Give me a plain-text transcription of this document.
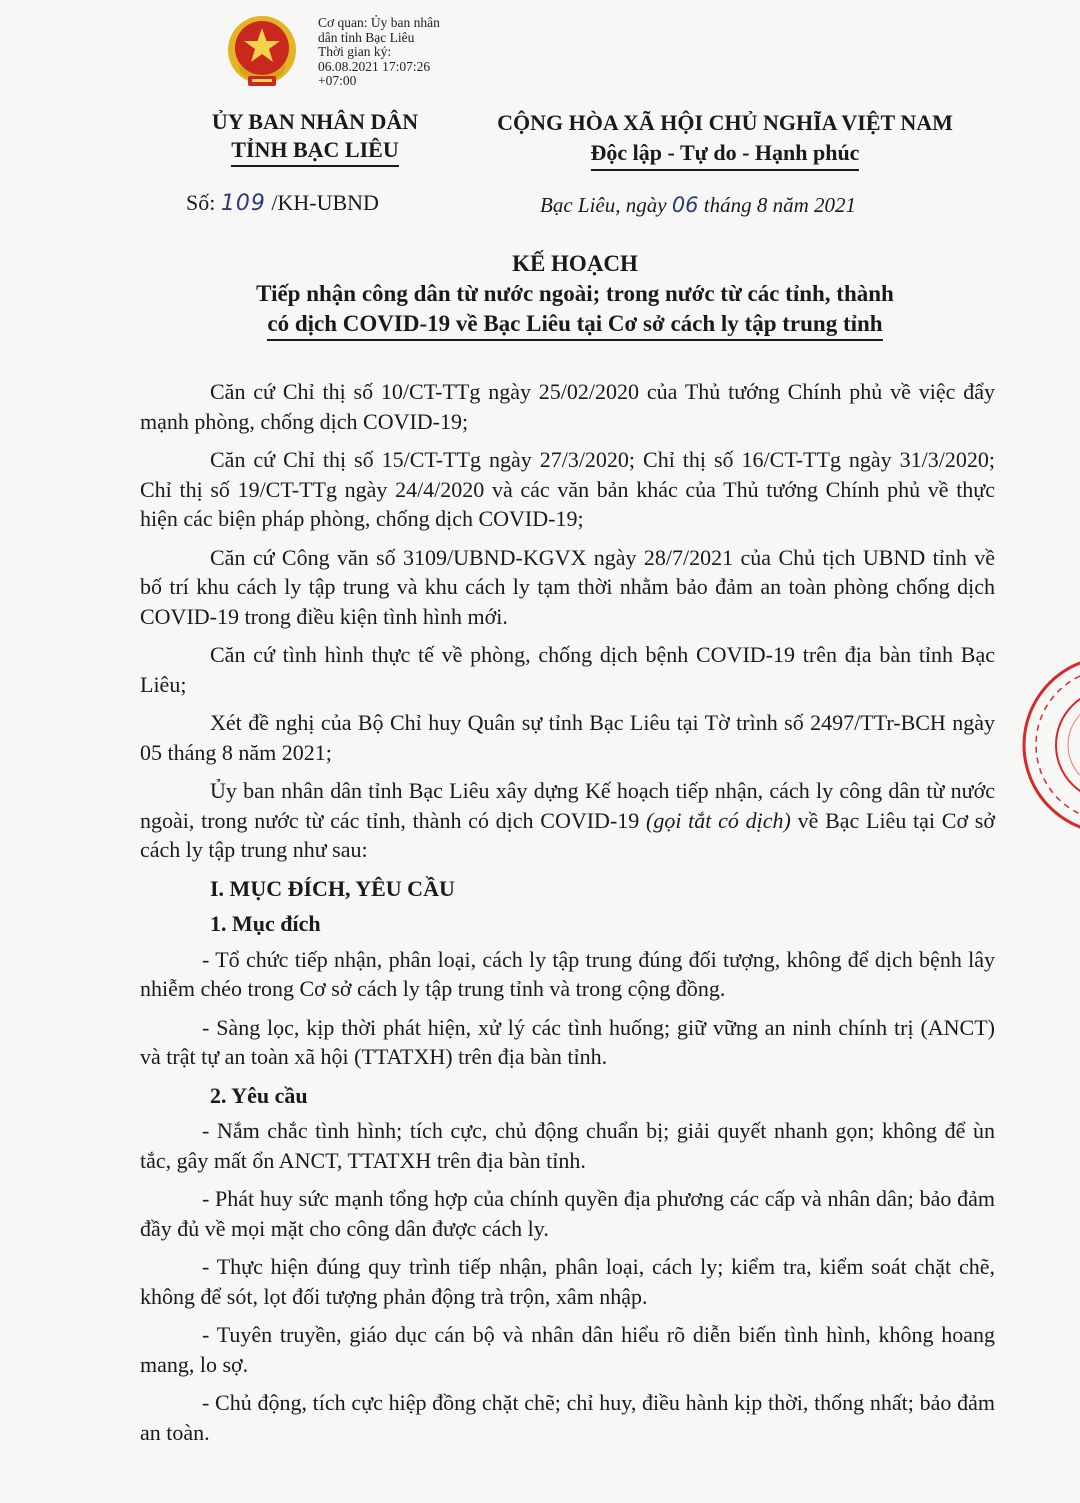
Cơ quan: Ủy ban nhân
dân tỉnh Bạc Liêu
Thời gian ký:
06.08.2021 17:07:26
+07:00
ỦY BAN NHÂN DÂN
TỈNH BẠC LIÊU
CỘNG HÒA XÃ HỘI CHỦ NGHĨA VIỆT NAM
Độc lập - Tự do - Hạnh phúc
Số: 109 /KH-UBND	Bạc Liêu, ngày 06 tháng 8 năm 2021
KẾ HOẠCH
Tiếp nhận công dân từ nước ngoài; trong nước từ các tỉnh, thành
có dịch COVID-19 về Bạc Liêu tại Cơ sở cách ly tập trung tỉnh

Căn cứ Chỉ thị số 10/CT-TTg ngày 25/02/2020 của Thủ tướng Chính phủ về việc đẩy mạnh phòng, chống dịch COVID-19;

Căn cứ Chỉ thị số 15/CT-TTg ngày 27/3/2020; Chỉ thị số 16/CT-TTg ngày 31/3/2020; Chỉ thị số 19/CT-TTg ngày 24/4/2020 và các văn bản khác của Thủ tướng Chính phủ về thực hiện các biện pháp phòng, chống dịch COVID-19;

Căn cứ Công văn số 3109/UBND-KGVX ngày 28/7/2021 của Chủ tịch UBND tỉnh về bố trí khu cách ly tập trung và khu cách ly tạm thời nhằm bảo đảm an toàn phòng chống dịch COVID-19 trong điều kiện tình hình mới.

Căn cứ tình hình thực tế về phòng, chống dịch bệnh COVID-19 trên địa bàn tỉnh Bạc Liêu;

Xét đề nghị của Bộ Chỉ huy Quân sự tỉnh Bạc Liêu tại Tờ trình số 2497/TTr-BCH ngày 05 tháng 8 năm 2021;

Ủy ban nhân dân tỉnh Bạc Liêu xây dựng Kế hoạch tiếp nhận, cách ly công dân từ nước ngoài, trong nước từ các tỉnh, thành có dịch COVID-19 (gọi tắt có dịch) về Bạc Liêu tại Cơ sở cách ly tập trung như sau:

I. MỤC ĐÍCH, YÊU CẦU

1. Mục đích

- Tổ chức tiếp nhận, phân loại, cách ly tập trung đúng đối tượng, không để dịch bệnh lây nhiễm chéo trong Cơ sở cách ly tập trung tỉnh và trong cộng đồng.

- Sàng lọc, kịp thời phát hiện, xử lý các tình huống; giữ vững an ninh chính trị (ANCT) và trật tự an toàn xã hội (TTATXH) trên địa bàn tỉnh.

2. Yêu cầu

- Nắm chắc tình hình; tích cực, chủ động chuẩn bị; giải quyết nhanh gọn; không để ùn tắc, gây mất ổn ANCT, TTATXH trên địa bàn tỉnh.

- Phát huy sức mạnh tổng hợp của chính quyền địa phương các cấp và nhân dân; bảo đảm đầy đủ về mọi mặt cho công dân được cách ly.

- Thực hiện đúng quy trình tiếp nhận, phân loại, cách ly; kiểm tra, kiểm soát chặt chẽ, không để sót, lọt đối tượng phản động trà trộn, xâm nhập.

- Tuyên truyền, giáo dục cán bộ và nhân dân hiểu rõ diễn biến tình hình, không hoang mang, lo sợ.

- Chủ động, tích cực hiệp đồng chặt chẽ; chỉ huy, điều hành kịp thời, thống nhất; bảo đảm an toàn.
